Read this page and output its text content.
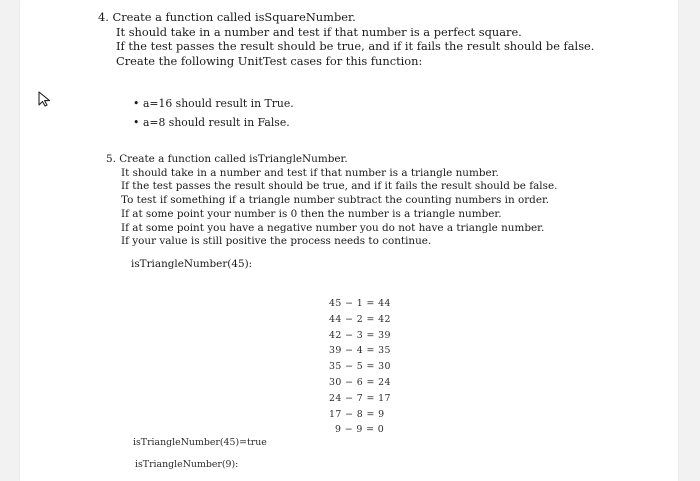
4. Create a function called isSquareNumber.
It should take in a number and test if that number is a perfect square.
If the test passes the result should be true, and if it fails the result should be false.
Create the following UnitTest cases for this function:
• a=16 should result in True.
• a=8 should result in False.
5. Create a function called isTriangleNumber.
It should take in a number and test if that number is a triangle number.
If the test passes the result should be true, and if it fails the result should be false.
To test if something if a triangle number subtract the counting numbers in order.
If at some point your number is 0 then the number is a triangle number.
If at some point you have a negative number you do not have a triangle number.
If your value is still positive the process needs to continue.
isTriangleNumber(45):
45 − 1 = 44
44 − 2 = 42
42 − 3 = 39
39 − 4 = 35
35 − 5 = 30
30 − 6 = 24
24 − 7 = 17
17 − 8 = 9
9 − 9 = 0
isTriangleNumber(45)=true
isTriangleNumber(9):
